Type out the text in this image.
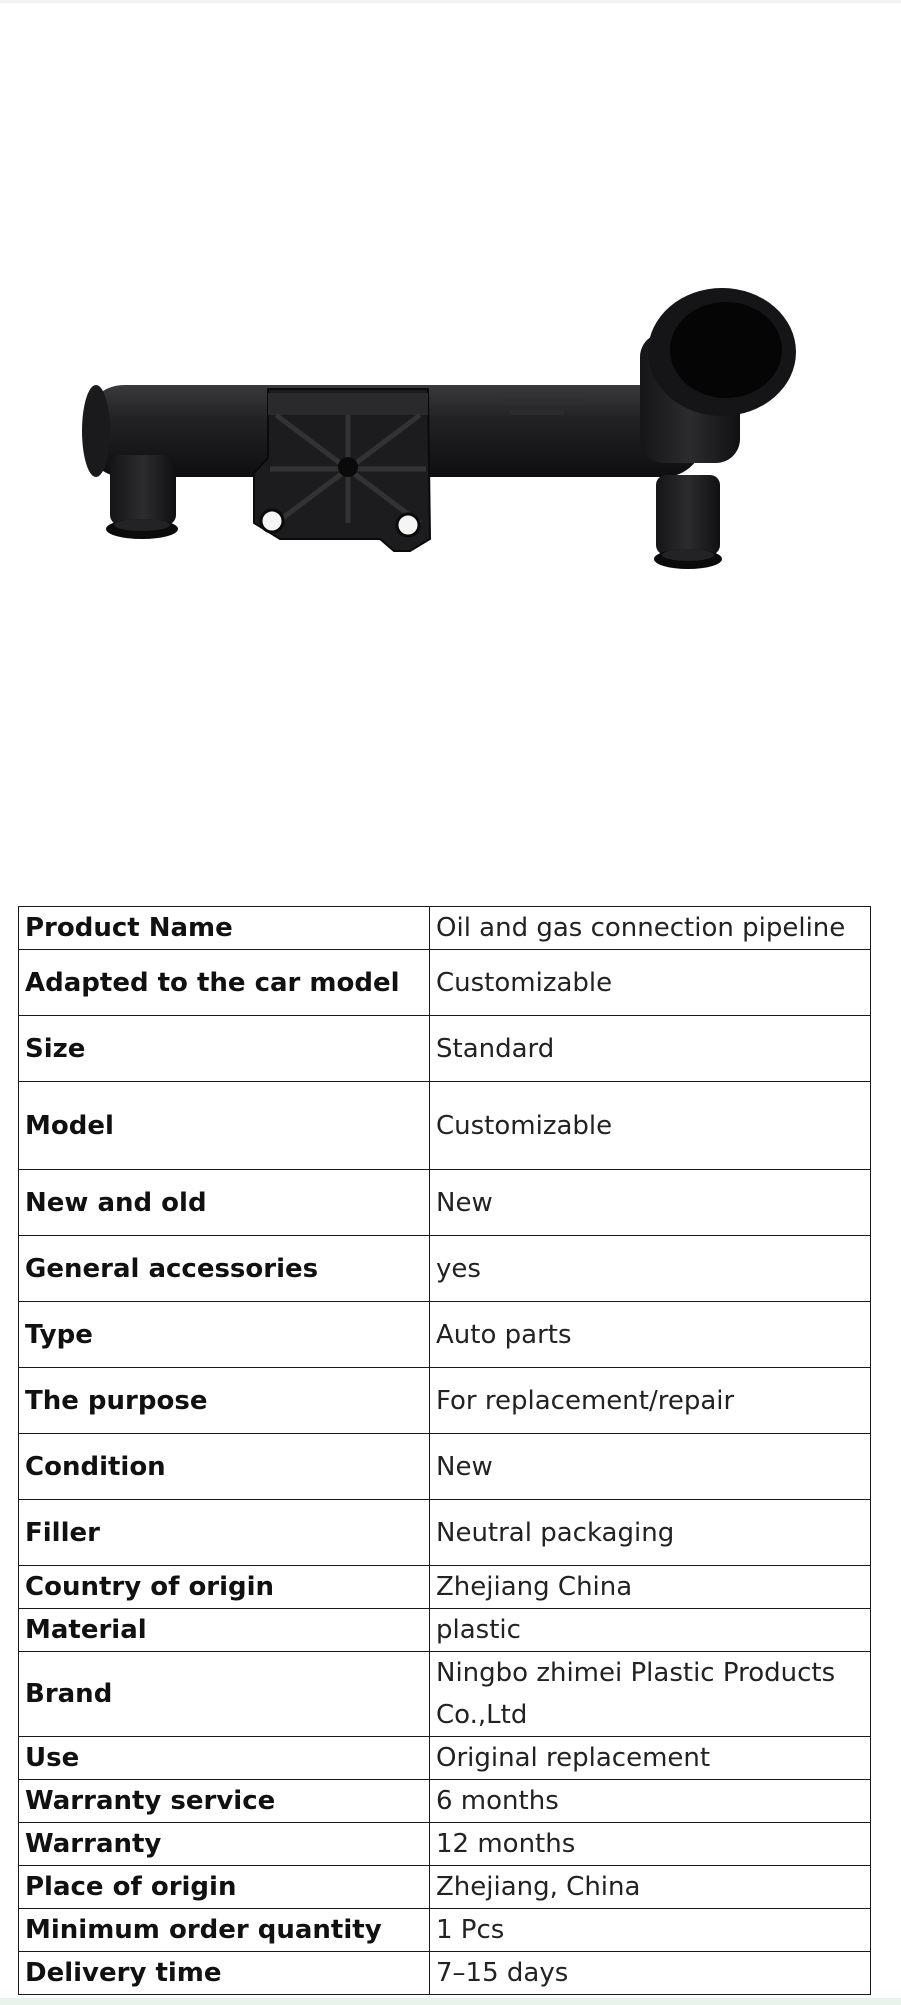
Product Name	Oil and gas connection pipeline
Adapted to the car model	Customizable
Size	Standard
Model	Customizable
New and old	New
General accessories	yes
Type	Auto parts
The purpose	For replacement/repair
Condition	New
Filler	Neutral packaging
Country of origin	Zhejiang China
Material	plastic
Brand	Ningbo zhimei Plastic Products Co.,Ltd
Use	Original replacement
Warranty service	6 months
Warranty	12 months
Place of origin	Zhejiang, China
Minimum order quantity	1 Pcs
Delivery time	7–15 days
